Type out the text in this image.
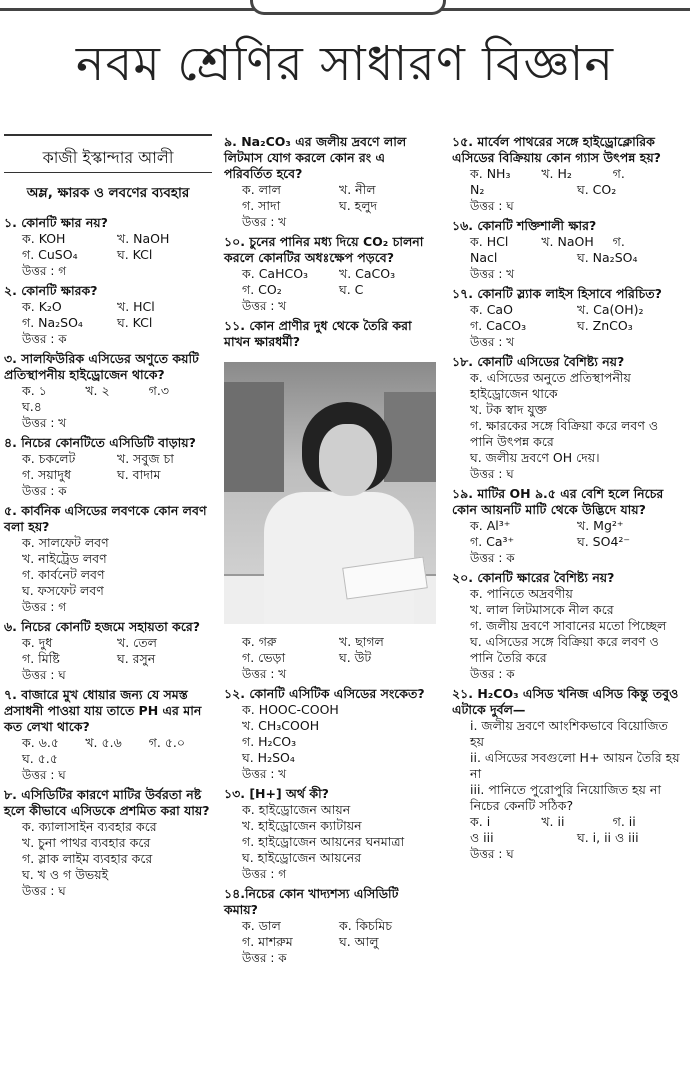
নবম শ্রেণির সাধারণ বিজ্ঞান
কাজী ইস্কান্দার আলী
অম্ল, ক্ষারক ও লবণের ব্যবহার
১. কোনটি ক্ষার নয়?
ক. KOH	খ. NaOH
গ. CuSO₄	ঘ. KCl
উত্তর : গ
২. কোনটি ক্ষারক?
ক. K₂O	খ. HCl
গ. Na₂SO₄	ঘ. KCl
উত্তর : ক
৩. সালফিউরিক এসিডের অণুতে কয়টি প্রতিস্থাপনীয় হাইড্রোজেন থাকে?
ক. ১	খ. ২	গ.৩
ঘ.৪
উত্তর : খ
৪. নিচের কোনটিতে এসিডিটি বাড়ায়?
ক. চকলেট	খ. সবুজ চা
গ. সয়াদুধ	ঘ. বাদাম
উত্তর : ক
৫. কার্বনিক এসিডের লবণকে কোন লবণ বলা হয়?
ক. সালফেট লবণ
খ. নাইট্রেড লবণ
গ. কার্বনেট লবণ
ঘ. ফসফেট লবণ
উত্তর : গ
৬. নিচের কোনটি হজমে সহায়তা করে?
ক. দুধ	খ. তেল
গ. মিষ্টি	ঘ. রসুন
উত্তর : ঘ
৭. বাজারে মুখ ধোয়ার জন্য যে সমস্ত প্রসাধনী পাওয়া যায় তাতে PH এর মান কত লেখা থাকে?
ক. ৬.৫	খ. ৫.৬	গ. ৫.০
ঘ. ৫.৫
উত্তর : ঘ
৮. এসিডিটির কারণে মাটির উর্বরতা নষ্ট হলে কীভাবে এসিডকে প্রশমিত করা যায়?
ক. ক্যালাসাইন ব্যবহার করে
খ. চুনা পাথর ব্যবহার করে
গ. স্লাক লাইম ব্যবহার করে
ঘ. খ ও গ উভয়ই
উত্তর : ঘ
৯. Na₂CO₃ এর জলীয় দ্রবণে লাল লিটমাস যোগ করলে কোন রং এ পরিবর্তিত হবে?
ক. লাল	খ. নীল
গ. সাদা	ঘ. হলুদ
উত্তর : খ
১০. চুনের পানির মধ্য দিয়ে CO₂ চালনা করলে কোনটির অধঃক্ষেপ পড়বে?
ক. CaHCO₃	খ. CaCO₃
গ. CO₂	ঘ. C
উত্তর : খ
১১. কোন প্রাণীর দুধ থেকে তৈরি করা মাখন ক্ষারধর্মী?
ক. গরু	খ. ছাগল
গ. ভেড়া	ঘ. উট
উত্তর : খ
১২. কোনটি এসিটিক এসিডের সংকেত?
ক. HOOC-COOH
খ. CH₃COOH
গ. H₂CO₃
ঘ. H₂SO₄
উত্তর : খ
১৩. [H+] অর্থ কী?
ক. হাইড্রোজেন আয়ন
খ. হাইড্রোজেন ক্যাটায়ন
গ. হাইড্রোজেন আয়নের ঘনমাত্রা
ঘ. হাইড্রোজেন আয়নের
উত্তর : গ
১৪.নিচের কোন খাদ্যশস্য এসিডিটি কমায়?
ক. ডাল	ক. কিচমিচ
গ. মাশরুম	ঘ. আলু
উত্তর : ক
১৫. মার্বেল পাথরের সঙ্গে হাইড্রোক্লোরিক এসিডের বিক্রিয়ায় কোন গ্যাস উৎপন্ন হয়?
ক. NH₃	খ. H₂	গ.
N₂	ঘ. CO₂
উত্তর : ঘ
১৬. কোনটি শক্তিশালী ক্ষার?
ক. HCl	খ. NaOH	গ.
Nacl	ঘ. Na₂SO₄
উত্তর : খ
১৭. কোনটি স্ল্যাক লাইস হিসাবে পরিচিত?
ক. CaO	খ. Ca(OH)₂
গ. CaCO₃	ঘ. ZnCO₃
উত্তর : খ
১৮. কোনটি এসিডের বৈশিষ্ট্য নয়?
ক. এসিডের অনুতে প্রতিস্থাপনীয় হাইড্রোজেন থাকে
খ. টক স্বাদ যুক্ত
গ. ক্ষারকের সঙ্গে বিক্রিয়া করে লবণ ও পানি উৎপন্ন করে
ঘ. জলীয় দ্রবণে OH দেয়।
উত্তর : ঘ
১৯. মাটির OH ৯.৫ এর বেশি হলে নিচের কোন আয়নটি মাটি থেকে উদ্ভিদে যায়?
ক. Al³⁺	খ. Mg²⁺
গ. Ca³⁺	ঘ. SO4²⁻
উত্তর : ক
২০. কোনটি ক্ষারের বৈশিষ্ট্য নয়?
ক. পানিতে অদ্রবণীয়
খ. লাল লিটমাসকে নীল করে
গ. জলীয় দ্রবণে সাবানের মতো পিচ্ছেল
ঘ. এসিডের সঙ্গে বিক্রিয়া করে লবণ ও পানি তৈরি করে
উত্তর : ক
২১. H₂CO₃ এসিড খনিজ এসিড কিন্তু তবুও এটাকে দুর্বল—
i. জলীয় দ্রবণে আংশিকভাবে বিয়োজিত হয়
ii. এসিডের সবগুলো H+ আয়ন তৈরি হয় না
iii. পানিতে পুরোপুরি নিয়োজিত হয় না
নিচের কেনটি সঠিক?
ক. i	খ. ii	গ. ii
ও iii	ঘ. i, ii ও iii
উত্তর : ঘ
